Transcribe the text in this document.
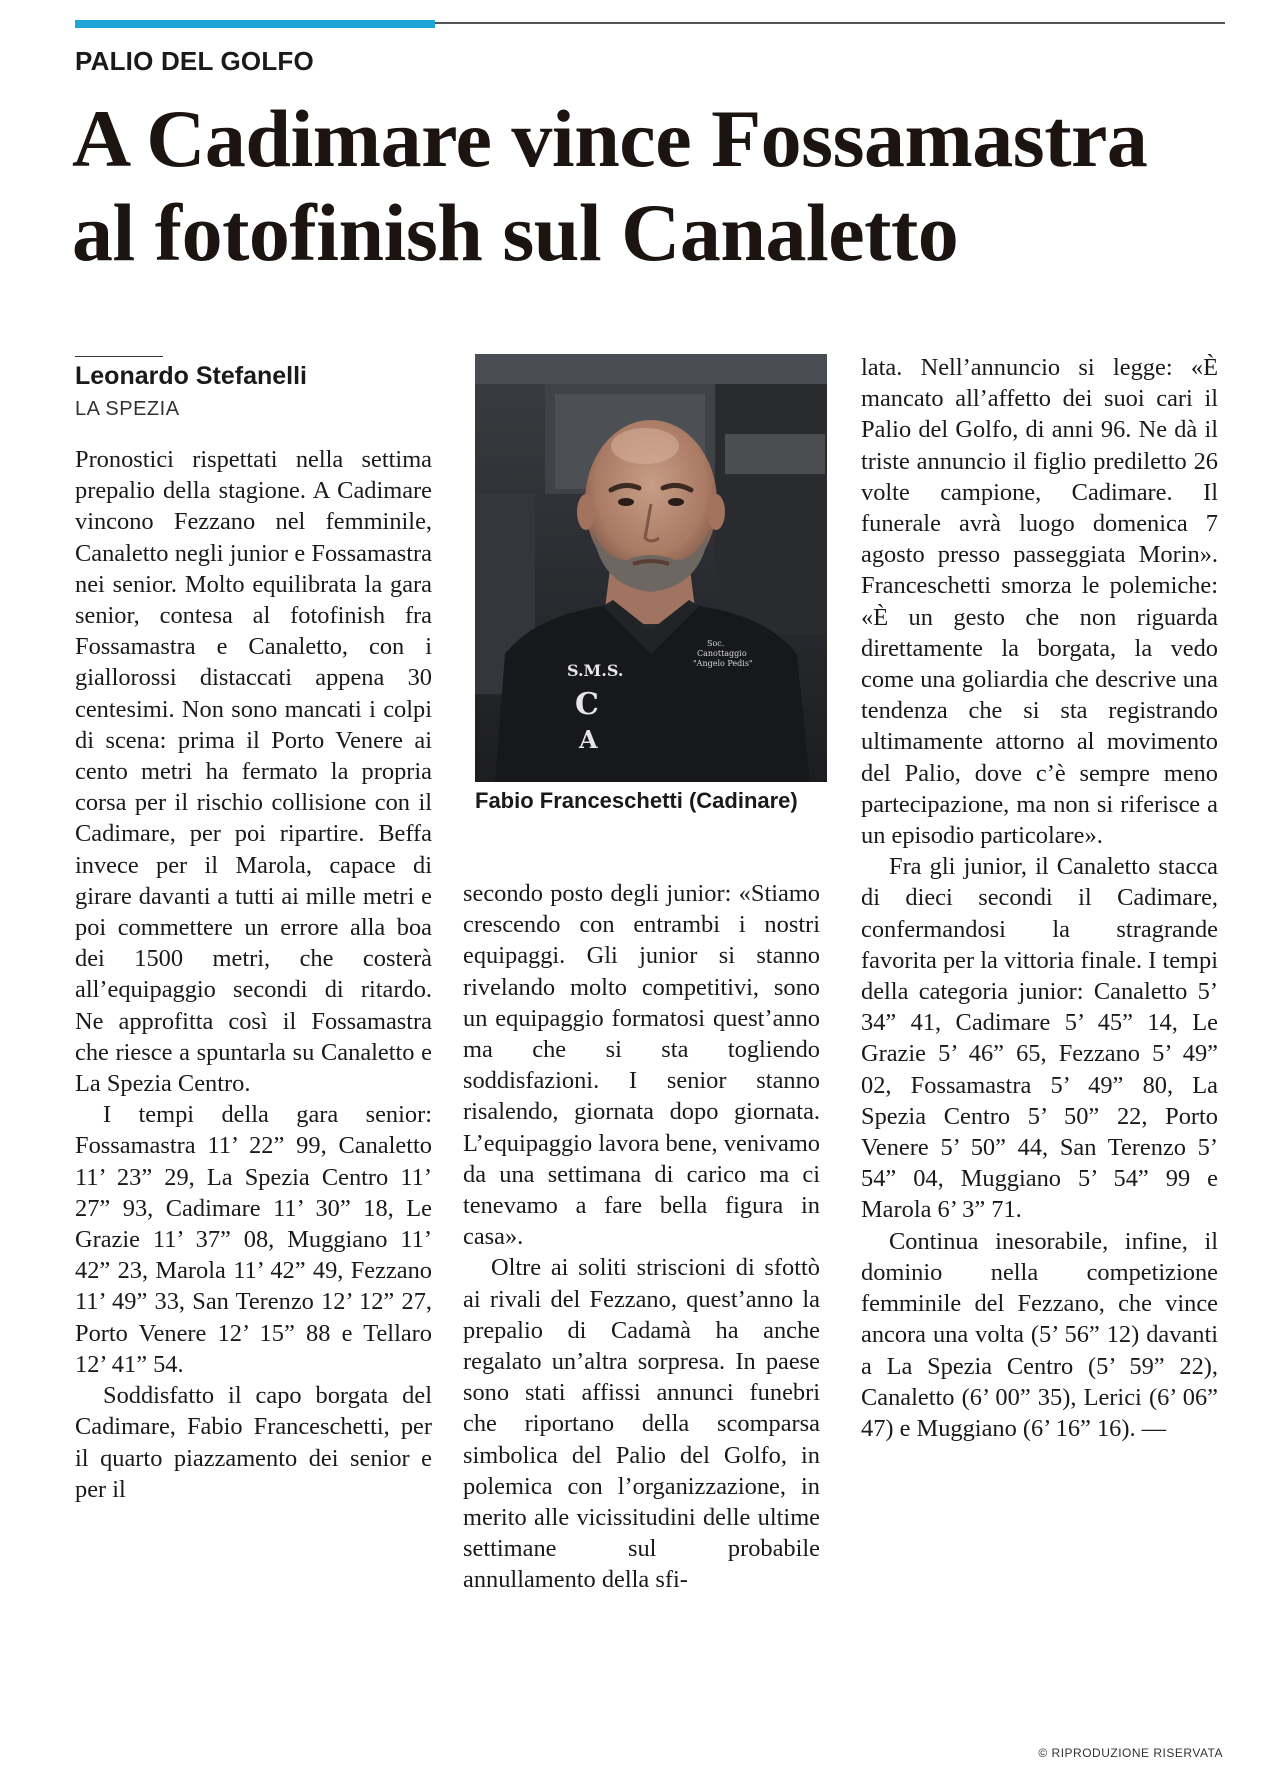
PALIO DEL GOLFO
A Cadimare vince Fossamastra
al fotofinish sul Canaletto
Leonardo Stefanelli
LA SPEZIA

Pronostici rispettati nella settima prepalio della stagione. A Cadimare vincono Fezzano nel femminile, Canaletto negli junior e Fossamastra nei senior. Molto equilibrata la gara senior, contesa al fotofinish fra Fossamastra e Canaletto, con i giallorossi distaccati appena 30 centesimi. Non sono mancati i colpi di scena: prima il Porto Venere ai cento metri ha fermato la propria corsa per il rischio collisione con il Cadimare, per poi ripartire. Beffa invece per il Marola, capace di girare davanti a tutti ai mille metri e poi commettere un errore alla boa dei 1500 metri, che costerà all’equipaggio secondi di ritardo. Ne approfitta così il Fossamastra che riesce a spuntarla su Canaletto e La Spezia Centro.

I tempi della gara senior: Fossamastra 11’ 22” 99, Canaletto 11’ 23” 29, La Spezia Centro 11’ 27” 93, Cadimare 11’ 30” 18, Le Grazie 11’ 37” 08, Muggiano 11’ 42” 23, Marola 11’ 42” 49, Fezzano 11’ 49” 33, San Terenzo 12’ 12” 27, Porto Venere 12’ 15” 88 e Tellaro 12’ 41” 54.

Soddisfatto il capo borgata del Cadimare, Fabio Franceschetti, per il quarto piazzamento dei senior e per il

S.M.S.
C
A
Soc.
Canottaggio
"Angelo Pedis"
Fabio Franceschetti (Cadinare)

secondo posto degli junior: «Stiamo crescendo con entrambi i nostri equipaggi. Gli junior si stanno rivelando molto competitivi, sono un equipaggio formatosi quest’anno ma che si sta togliendo soddisfazioni. I senior stanno risalendo, giornata dopo giornata. L’equipaggio lavora bene, venivamo da una settimana di carico ma ci tenevamo a fare bella figura in casa».

Oltre ai soliti striscioni di sfottò ai rivali del Fezzano, quest’anno la prepalio di Cadamà ha anche regalato un’altra sorpresa. In paese sono stati affissi annunci funebri che riportano della scomparsa simbolica del Palio del Golfo, in polemica con l’organizzazione, in merito alle vicissitudini delle ultime settimane sul probabile annullamento della sfi-

lata. Nell’annuncio si legge: «È mancato all’affetto dei suoi cari il Palio del Golfo, di anni 96. Ne dà il triste annuncio il figlio prediletto 26 volte campione, Cadimare. Il funerale avrà luogo domenica 7 agosto presso passeggiata Morin». Franceschetti smorza le polemiche: «È un gesto che non riguarda direttamente la borgata, la vedo come una goliardia che descrive una tendenza che si sta registrando ultimamente attorno al movimento del Palio, dove c’è sempre meno partecipazione, ma non si riferisce a un episodio particolare».

Fra gli junior, il Canaletto stacca di dieci secondi il Cadimare, confermandosi la stragrande favorita per la vittoria finale. I tempi della categoria junior: Canaletto 5’ 34” 41, Cadimare 5’ 45” 14, Le Grazie 5’ 46” 65, Fezzano 5’ 49” 02, Fossamastra 5’ 49” 80, La Spezia Centro 5’ 50” 22, Porto Venere 5’ 50” 44, San Terenzo 5’ 54” 04, Muggiano 5’ 54” 99 e Marola 6’ 3” 71.

Continua inesorabile, infine, il dominio nella competizione femminile del Fezzano, che vince ancora una volta (5’ 56” 12) davanti a La Spezia Centro (5’ 59” 22), Canaletto (6’ 00” 35), Lerici (6’ 06” 47) e Muggiano (6’ 16” 16). —

© RIPRODUZIONE RISERVATA
